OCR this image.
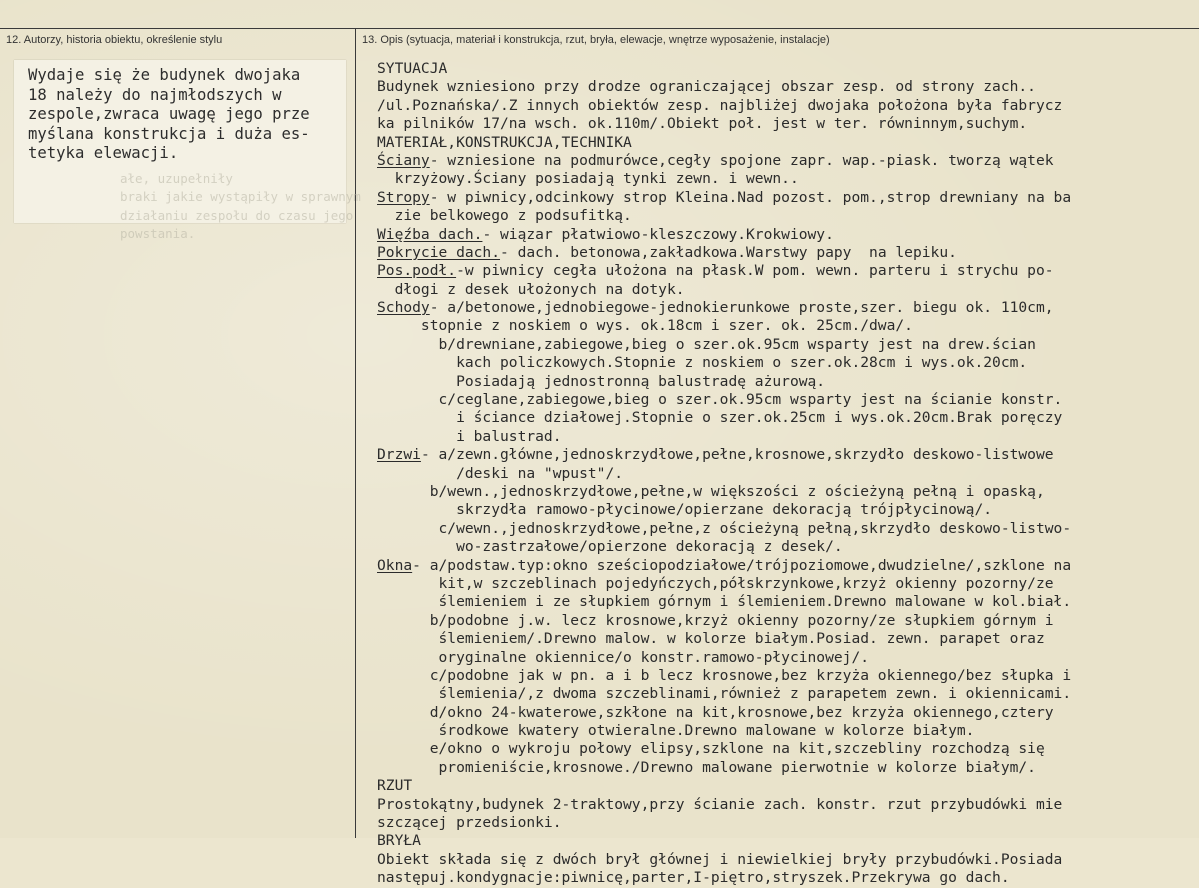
12. Autorzy, historia obiektu, określenie stylu	13. Opis (sytuacja, materiał i konstrukcja, rzut, bryła, elewacje, wnętrze wyposażenie, instalacje)

ałe, uzupełniły
braki jakie wystąpiły w sprawnym
działaniu zespołu do czasu jego
powstania.

Wydaje się że budynek dwojaka
18 należy do najmłodszych w
zespole,zwraca uwagę jego prze
myślana konstrukcja i duża es-
tetyka elewacji.
SYTUACJA
Budynek wzniesiono przy drodze ograniczającej obszar zesp. od strony zach..
/ul.Poznańska/.Z innych obiektów zesp. najbliżej dwojaka położona była fabrycz
ka pilników 17/na wsch. ok.110m/.Obiekt poł. jest w ter. równinnym,suchym.
MATERIAŁ,KONSTRUKCJA,TECHNIKA
Ściany- wzniesione na podmurówce,cegły spojone zapr. wap.-piask. tworzą wątek
krzyżowy.Ściany posiadają tynki zewn. i wewn..
Stropy- w piwnicy,odcinkowy strop Kleina.Nad pozost. pom.,strop drewniany na ba
zie belkowego z podsufitką.
Więźba dach.- wiązar płatwiowo-kleszczowy.Krokwiowy.
Pokrycie dach.- dach. betonowa,zakładkowa.Warstwy papy  na lepiku.
Pos.podł.-w piwnicy cegła ułożona na płask.W pom. wewn. parteru i strychu po-
dłogi z desek ułożonych na dotyk.
Schody- a/betonowe,jednobiegowe-jednokierunkowe proste,szer. biegu ok. 110cm,
stopnie z noskiem o wys. ok.18cm i szer. ok. 25cm./dwa/.
b/drewniane,zabiegowe,bieg o szer.ok.95cm wsparty jest na drew.ścian
kach policzkowych.Stopnie z noskiem o szer.ok.28cm i wys.ok.20cm.
Posiadają jednostronną balustradę ażurową.
c/ceglane,zabiegowe,bieg o szer.ok.95cm wsparty jest na ścianie konstr.
i ściance działowej.Stopnie o szer.ok.25cm i wys.ok.20cm.Brak poręczy
i balustrad.
Drzwi- a/zewn.główne,jednoskrzydłowe,pełne,krosnowe,skrzydło deskowo-listwowe
/deski na "wpust"/.
b/wewn.,jednoskrzydłowe,pełne,w większości z ościeżyną pełną i opaską,
skrzydła ramowo-płycinowe/opierzane dekoracją trójpłycinową/.
c/wewn.,jednoskrzydłowe,pełne,z ościeżyną pełną,skrzydło deskowo-listwo-
wo-zastrzałowe/opierzone dekoracją z desek/.
Okna- a/podstaw.typ:okno sześciopodziałowe/trójpoziomowe,dwudzielne/,szklone na
kit,w szczeblinach pojedyńczych,półskrzynkowe,krzyż okienny pozorny/ze
ślemieniem i ze słupkiem górnym i ślemieniem.Drewno malowane w kol.biał.
b/podobne j.w. lecz krosnowe,krzyż okienny pozorny/ze słupkiem górnym i
ślemieniem/.Drewno malow. w kolorze białym.Posiad. zewn. parapet oraz
oryginalne okiennice/o konstr.ramowo-płycinowej/.
c/podobne jak w pn. a i b lecz krosnowe,bez krzyża okiennego/bez słupka i
ślemienia/,z dwoma szczeblinami,również z parapetem zewn. i okiennicami.
d/okno 24-kwaterowe,szkłone na kit,krosnowe,bez krzyża okiennego,cztery
środkowe kwatery otwieralne.Drewno malowane w kolorze białym.
e/okno o wykroju połowy elipsy,szklone na kit,szczebliny rozchodzą się
promieniście,krosnowe./Drewno malowane pierwotnie w kolorze białym/.
RZUT
Prostokątny,budynek 2-traktowy,przy ścianie zach. konstr. rzut przybudówki mie
szczącej przedsionki.
BRYŁA
Obiekt składa się z dwóch brył głównej i niewielkiej bryły przybudówki.Posiada
następuj.kondygnacje:piwnicę,parter,I-piętro,stryszek.Przekrywa go dach.
